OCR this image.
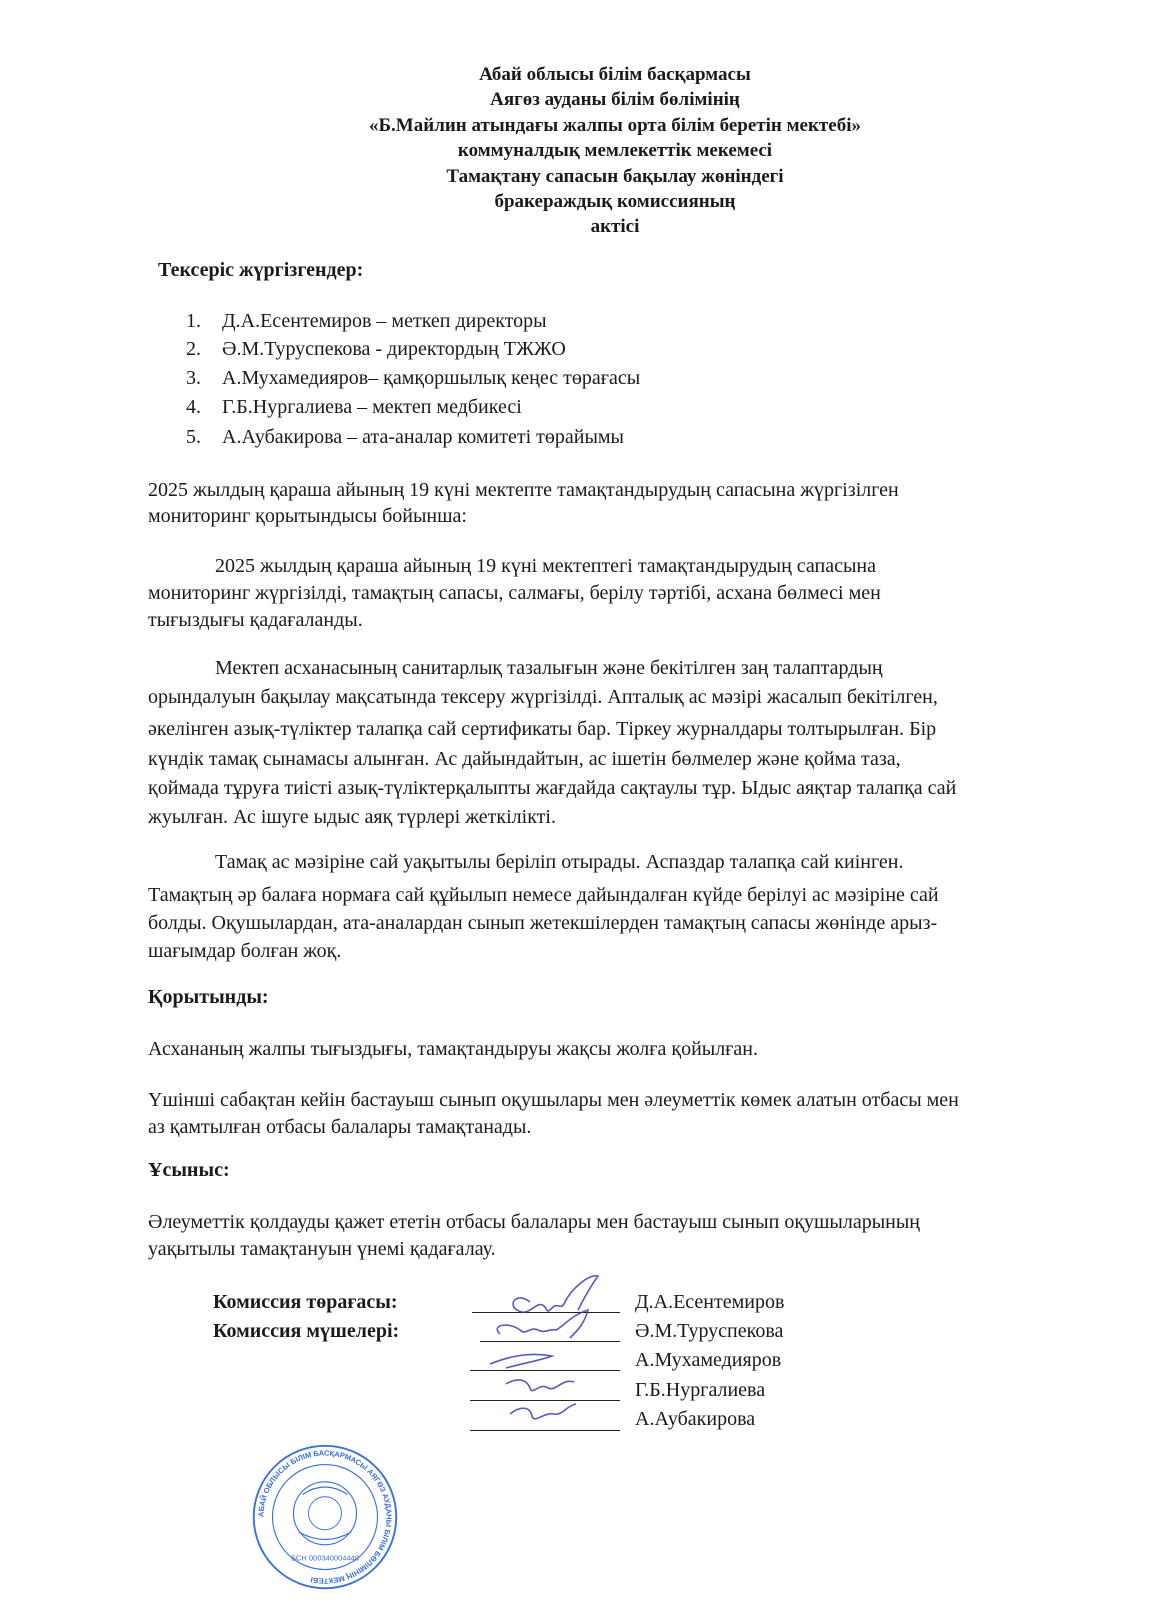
Абай облысы білім басқармасы
Аягөз ауданы білім бөлімінің
«Б.Майлин атындағы жалпы орта білім беретін мектебі»
коммуналдық мемлекеттік мекемесі
Тамақтану сапасын бақылау жөніндегі
бракераждық комиссияның
актісі
Тексеріс жүргізгендер:
1. Д.А.Есентемиров – меткеп директоры
2. Ә.М.Туруспекова - директордың ТЖЖО
3. А.Мухамедияров– қамқоршылық кеңес төрағасы
4. Г.Б.Нургалиева – мектеп медбикесі
5. А.Аубакирова – ата-аналар комитеті төрайымы
2025 жылдың қараша айының 19 күні мектепте тамақтандырудың сапасына жүргізілген
мониторинг қорытындысы бойынша:
2025 жылдың қараша айының 19 күні мектептегі тамақтандырудың сапасына
мониторинг жүргізілді, тамақтың сапасы, салмағы, берілу тәртібі, асхана бөлмесі мен
тығыздығы қадағаланды.
Мектеп асханасының санитарлық тазалығын және бекітілген заң талаптардың
орындалуын бақылау мақсатында тексеру жүргізілді. Апталық ас мәзірі жасалып бекітілген,
әкелінген азық-түліктер талапқа сай сертификаты бар. Тіркеу журналдары толтырылған. Бір
күндік тамақ сынамасы алынған. Ас дайындайтын, ас ішетін бөлмелер және қойма таза,
қоймада тұруға тиісті азық-түліктерқалыпты жағдайда сақтаулы тұр. Ыдыс аяқтар талапқа сай
жуылған. Ас ішуге ыдыс аяқ түрлері жеткілікті.
Тамақ ас мәзіріне сай уақытылы беріліп отырады. Аспаздар талапқа сай киінген.
Тамақтың әр балаға нормаға сай құйылып немесе дайындалған күйде берілуі ас мәзіріне сай
болды. Оқушылардан, ата-аналардан сынып жетекшілерден тамақтың сапасы жөнінде арыз-
шағымдар болған жоқ.
Қорытынды:
Асхананың жалпы тығыздығы, тамақтандыруы жақсы жолға қойылған.
Үшінші сабақтан кейін бастауыш сынып оқушылары мен әлеуметтік көмек алатын отбасы мен
аз қамтылған отбасы балалары тамақтанады.
Ұсыныс:
Әлеуметтік қолдауды қажет ететін отбасы балалары мен бастауыш сынып оқушыларының
уақытылы тамақтануын үнемі қадағалау.
Комиссия төрағасы:
Комиссия мүшелері:
Д.А.Есентемиров
Ә.М.Туруспекова
А.Мухамедияров
Г.Б.Нургалиева
А.Аубакирова
АБАЙ ОБЛЫСЫ БІЛІМ БАСҚАРМАСЫ АЯГӨЗ АУДАНЫ БІЛІМ БӨЛІМІНІҢ МЕКТЕБІ
БСН 000340004449
